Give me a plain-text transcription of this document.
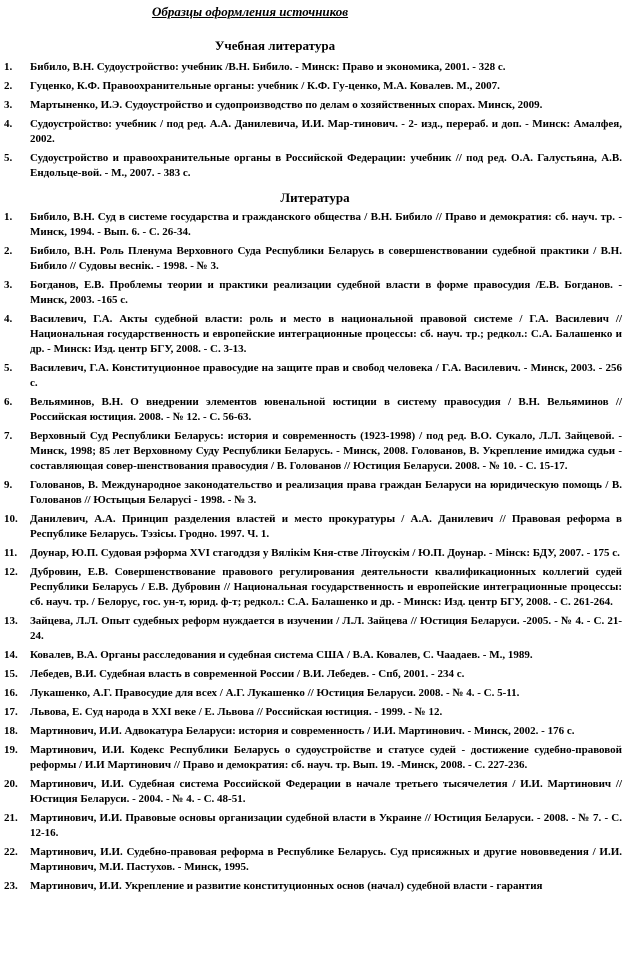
Образцы оформления источников

Учебная литература

1. Бибило, В.Н. Судоустройство: учебник /В.Н. Бибило. - Минск: Право и экономика, 2001. - 328 с.
2. Гуценко, К.Ф. Правоохранительные органы: учебник / К.Ф. Гу-ценко, М.А. Ковалев. М., 2007.
3. Мартыненко, И.Э. Судоустройство и судопроизводство по делам о хозяйственных спорах. Минск, 2009.
4. Судоустройство: учебник / под ред. А.А. Данилевича, И.И. Мар-тинович. - 2- изд., перераб. и доп. - Минск: Амалфея, 2002.
5. Судоустройство и правоохранительные органы в Российской Федерации: учебник // под ред. О.А. Галустьяна, А.В. Ендольце-вой. - М., 2007. - 383 с.

Литература

1. Бибило, В.Н. Суд в системе государства и гражданского общества / В.Н. Бибило // Право и демократия: сб. науч. тр. - Минск, 1994. - Вып. 6. - С. 26-34.
2. Бибило, В.Н. Роль Пленума Верховного Суда Республики Беларусь в совершенствовании судебной практики / В.Н. Бибило // Судовы веснiк. - 1998. - № 3.
3. Богданов, Е.В. Проблемы теории и практики реализации судебной власти в форме правосудия /Е.В. Богданов. - Минск, 2003. -165 с.
4. Василевич, Г.А. Акты судебной власти: роль и место в национальной правовой системе / Г.А. Василевич // Национальная государственность и европейские интеграционные процессы: сб. науч. тр.; редкол.: С.А. Балашенко и др. - Минск: Изд. центр БГУ, 2008. - С. 3-13.
5. Василевич, Г.А. Конституционное правосудие на защите прав и свобод человека / Г.А. Василевич. - Минск, 2003. - 256 с.
6. Вельяминов, В.Н. О внедрении элементов ювенальной юстиции в систему правосудия / В.Н. Вельяминов // Российская юстиция. 2008. - № 12. - С. 56-63.
7. Верховный Суд Республики Беларусь: история и современность (1923-1998) / под ред. В.О. Сукало, Л.Л. Зайцевой. - Минск, 1998; 85 лет Верховному Суду Республики Беларусь. - Минск, 2008. Голованов, В. Укрепление имиджа судьи - составляющая совер-шенствования правосудия / В. Голованов // Юстиция Беларуси. 2008. - № 10. - С. 15-17.
9. Голованов, В. Международное законодательство и реализация права граждан Беларуси на юридическую помощь / В. Голованов // Юстыцыя Беларусi - 1998. - № 3.
10. Данилевич, А.А. Принцип разделения властей и место прокуратуры / А.А. Данилевич // Правовая реформа в Республике Беларусь. Тэзiсы. Гродно. 1997. Ч. 1.
11. Доунар, Ю.П. Судовая рэформа XVI стагоддзя у Вялiкiм Кня-стве Лiтоускiм / Ю.П. Доунар. - Мiнск: БДУ, 2007. - 175 с.
12. Дубровин, Е.В. Совершенствование правового регулирования деятельности квалификационных коллегий судей Республики Беларусь / Е.В. Дубровин // Национальная государственность и европейские интеграционные процессы: сб. науч. тр. / Белорус, гос. ун-т, юрид. ф-т; редкол.: С.А. Балашенко и др. - Минск: Изд. центр БГУ, 2008. - С. 261-264.
13. Зайцева, Л.Л. Опыт судебных реформ нуждается в изучении / Л.Л. Зайцева // Юстиция Беларуси. -2005. - № 4. - С. 21-24.
14. Ковалев, В.А. Органы расследования и судебная система США / В.А. Ковалев, С. Чаадаев. - М., 1989.
15. Лебедев, В.И. Судебная власть в современной России / В.И. Лебедев. - Спб, 2001. - 234 с.
16. Лукашенко, А.Г. Правосудие для всех / А.Г. Лукашенко // Юстиция Беларуси. 2008. - № 4. - С. 5-11.
17. Львова, Е. Суд народа в XXI веке / Е. Львова // Российская юстиция. - 1999. - № 12.
18. Мартинович, И.И. Адвокатура Беларуси: история и современность / И.И. Мартинович. - Минск, 2002. - 176 с.
19. Мартинович, И.И. Кодекс Республики Беларусь о судоустройстве и статусе судей - достижение судебно-правовой реформы / И.И Мартинович // Право и демократия: сб. науч. тр. Вып. 19. -Минск, 2008. - С. 227-236.
20. Мартинович, И.И. Судебная система Российской Федерации в начале третьего тысячелетия / И.И. Мартинович // Юстиция Беларуси. - 2004. - № 4. - С. 48-51.
21. Мартинович, И.И. Правовые основы организации судебной власти в Украине // Юстиция Беларуси. - 2008. - № 7. - С. 12-16.
22. Мартинович, И.И. Судебно-правовая реформа в Республике Беларусь. Суд присяжных и другие нововведения / И.И. Мартинович, М.И. Пастухов. - Минск, 1995.
23. Мартинович, И.И. Укрепление и развитие конституционных основ (начал) судебной власти - гарантия
